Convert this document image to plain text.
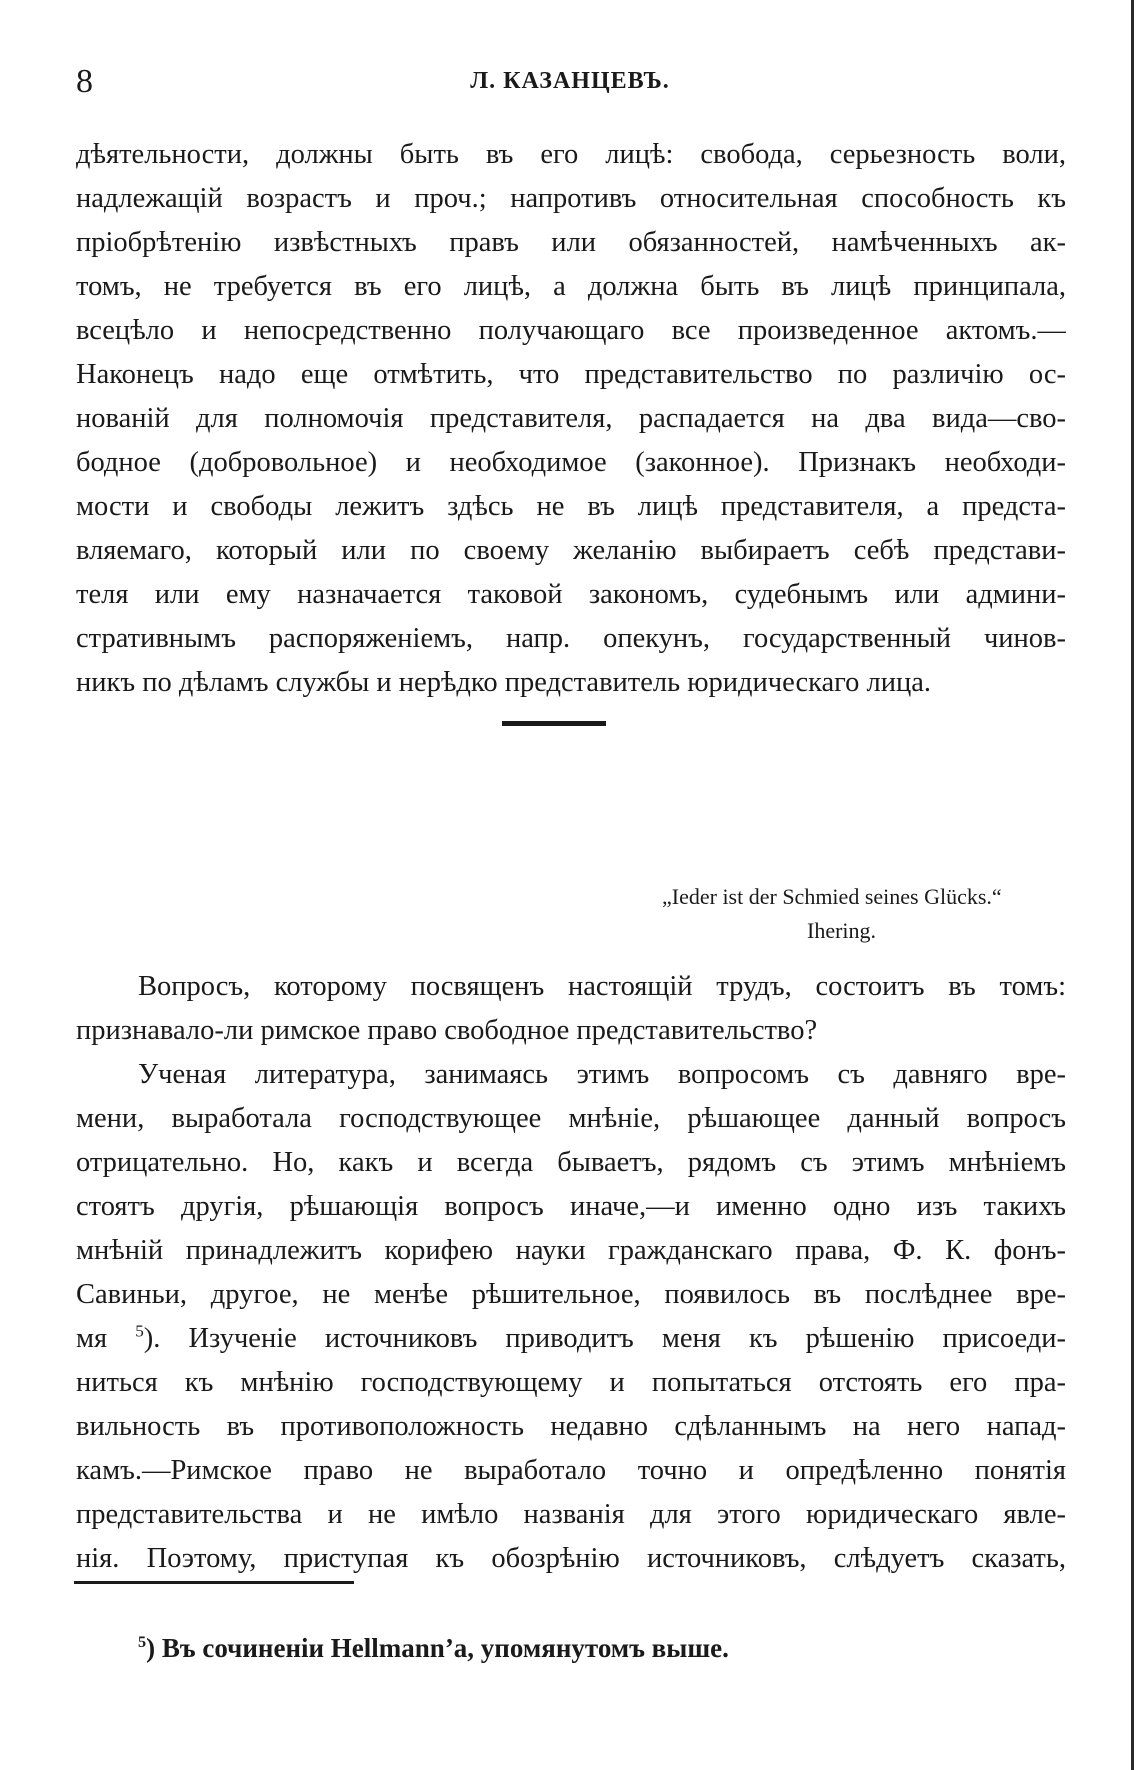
8	Л. КАЗАНЦЕВЪ.
дѣятельности, должны быть въ его лицѣ: свобода, серьезность воли,
надлежащій возрастъ и проч.; напротивъ относительная способность къ
пріобрѣтенію извѣстныхъ правъ или обязанностей, намѣченныхъ ак-
томъ, не требуется въ его лицѣ, а должна быть въ лицѣ принципала,
всецѣло и непосредственно получающаго все произведенное актомъ.—
Наконецъ надо еще отмѣтить, что представительство по различію ос-
нованій для полномочія представителя, распадается на два вида—сво-
бодное (добровольное) и необходимое (законное). Признакъ необходи-
мости и свободы лежитъ здѣсь не въ лицѣ представителя, а предста-
вляемаго, который или по своему желанію выбираетъ себѣ представи-
теля или ему назначается таковой закономъ, судебнымъ или админи-
стративнымъ распоряженіемъ, напр. опекунъ, государственный чинов-
никъ по дѣламъ службы и нерѣдко представитель юридическаго лица.
„Ieder ist der Schmied seines Glücks.“
Ihering.
Вопросъ, которому посвященъ настоящій трудъ, состоитъ въ томъ:
признавало-ли римское право свободное представительство?
Ученая литература, занимаясь этимъ вопросомъ съ давняго вре-
мени, выработала господствующее мнѣніе, рѣшающее данный вопросъ
отрицательно. Но, какъ и всегда бываетъ, рядомъ съ этимъ мнѣніемъ
стоятъ другія, рѣшающія вопросъ иначе,—и именно одно изъ такихъ
мнѣній принадлежитъ корифею науки гражданскаго права, Ф. К. фонъ-
Савиньи, другое, не менѣе рѣшительное, появилось въ послѣднее вре-
мя $^5$). Изученіе источниковъ приводитъ меня къ рѣшенію присоеди-
ниться къ мнѣнію господствующему и попытаться отстоять его пра-
вильность въ противоположность недавно сдѣланнымъ на него напад-
камъ.—Римское право не выработало точно и опредѣленно понятія
представительства и не имѣло названія для этого юридическаго явле-
нія. Поэтому, приступая къ обозрѣнію источниковъ, слѣдуетъ сказать,
$^5$) Въ сочиненіи Hellmann’a, упомянутомъ выше.
